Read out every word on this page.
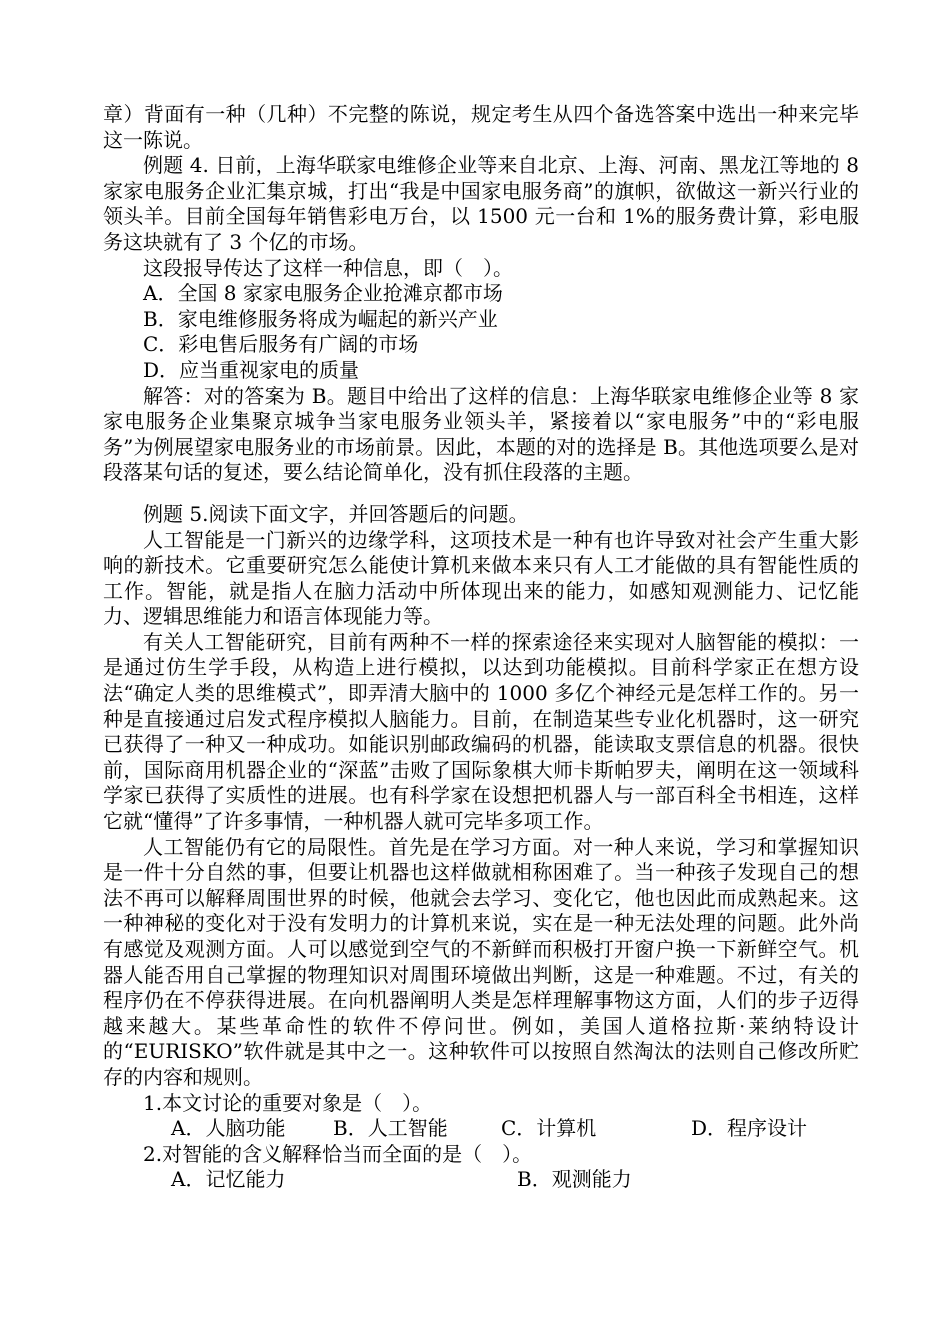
章）背面有一种（几种）不完整的陈说，规定考生从四个备选答案中选出一种来完毕这一陈说。

例题 4. 日前，上海华联家电维修企业等来自北京、上海、河南、黑龙江等地的 8 家家电服务企业汇集京城，打出“我是中国家电服务商”的旗帜，欲做这一新兴行业的领头羊。目前全国每年销售彩电万台，以 1500 元一台和 1%的服务费计算，彩电服务这块就有了 3 个亿的市场。

这段报导传达了这样一种信息，即（　）。

A．全国 8 家家电服务企业抢滩京都市场

B．家电维修服务将成为崛起的新兴产业

C．彩电售后服务有广阔的市场

D．应当重视家电的质量

解答：对的答案为 B。题目中给出了这样的信息：上海华联家电维修企业等 8 家家电服务企业集聚京城争当家电服务业领头羊，紧接着以“家电服务”中的“彩电服务”为例展望家电服务业的市场前景。因此，本题的对的选择是 B。其他选项要么是对段落某句话的复述，要么结论简单化，没有抓住段落的主题。

例题 5.阅读下面文字，并回答题后的问题。

人工智能是一门新兴的边缘学科，这项技术是一种有也许导致对社会产生重大影响的新技术。它重要研究怎么能使计算机来做本来只有人工才能做的具有智能性质的工作。智能，就是指人在脑力活动中所体现出来的能力，如感知观测能力、记忆能力、逻辑思维能力和语言体现能力等。

有关人工智能研究，目前有两种不一样的探索途径来实现对人脑智能的模拟：一是通过仿生学手段，从构造上进行模拟，以达到功能模拟。目前科学家正在想方设法“确定人类的思维模式”，即弄清大脑中的 1000 多亿个神经元是怎样工作的。另一种是直接通过启发式程序模拟人脑能力。目前，在制造某些专业化机器时，这一研究已获得了一种又一种成功。如能识别邮政编码的机器，能读取支票信息的机器。很快前，国际商用机器企业的“深蓝”击败了国际象棋大师卡斯帕罗夫，阐明在这一领域科学家已获得了实质性的进展。也有科学家在设想把机器人与一部百科全书相连，这样它就“懂得”了许多事情，一种机器人就可完毕多项工作。

人工智能仍有它的局限性。首先是在学习方面。对一种人来说，学习和掌握知识是一件十分自然的事，但要让机器也这样做就相称困难了。当一种孩子发现自己的想法不再可以解释周围世界的时候，他就会去学习、变化它，他也因此而成熟起来。这一种神秘的变化对于没有发明力的计算机来说，实在是一种无法处理的问题。此外尚有感觉及观测方面。人可以感觉到空气的不新鲜而积极打开窗户换一下新鲜空气。机器人能否用自己掌握的物理知识对周围环境做出判断，这是一种难题。不过，有关的程序仍在不停获得进展。在向机器阐明人类是怎样理解事物这方面，人们的步子迈得越来越大。某些革命性的软件不停问世。例如，美国人道格拉斯·莱纳特设计的“EURISKO”软件就是其中之一。这种软件可以按照自然淘汰的法则自己修改所贮存的内容和规则。

1.本文讨论的重要对象是（　）。

A．人脑功能	B．人工智能	C．计算机	D．程序设计

2.对智能的含义解释恰当而全面的是（　）。

A．记忆能力	B．观测能力
